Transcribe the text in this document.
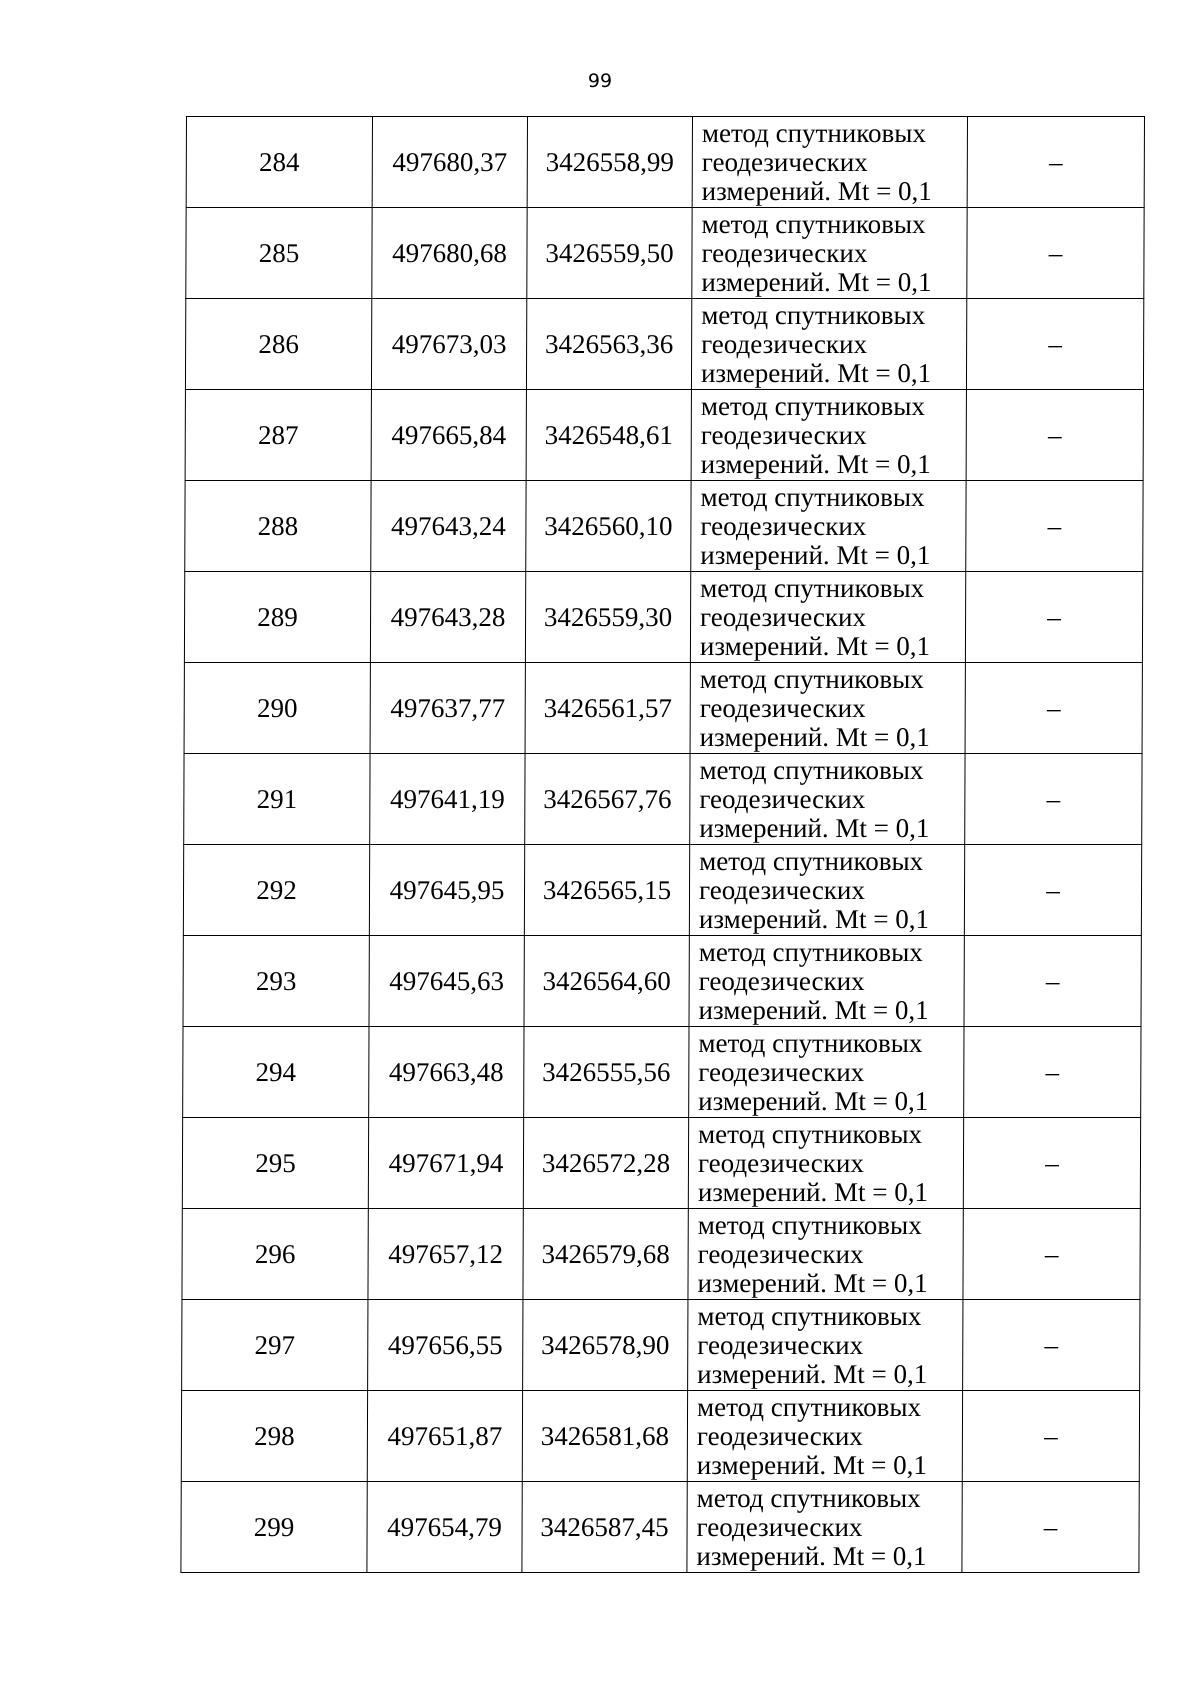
99
284	497680,37	3426558,99	метод спутниковых геодезических измерений. Mt = 0,1	–
285	497680,68	3426559,50	метод спутниковых геодезических измерений. Mt = 0,1	–
286	497673,03	3426563,36	метод спутниковых геодезических измерений. Mt = 0,1	–
287	497665,84	3426548,61	метод спутниковых геодезических измерений. Mt = 0,1	–
288	497643,24	3426560,10	метод спутниковых геодезических измерений. Mt = 0,1	–
289	497643,28	3426559,30	метод спутниковых геодезических измерений. Mt = 0,1	–
290	497637,77	3426561,57	метод спутниковых геодезических измерений. Mt = 0,1	–
291	497641,19	3426567,76	метод спутниковых геодезических измерений. Mt = 0,1	–
292	497645,95	3426565,15	метод спутниковых геодезических измерений. Mt = 0,1	–
293	497645,63	3426564,60	метод спутниковых геодезических измерений. Mt = 0,1	–
294	497663,48	3426555,56	метод спутниковых геодезических измерений. Mt = 0,1	–
295	497671,94	3426572,28	метод спутниковых геодезических измерений. Mt = 0,1	–
296	497657,12	3426579,68	метод спутниковых геодезических измерений. Mt = 0,1	–
297	497656,55	3426578,90	метод спутниковых геодезических измерений. Mt = 0,1	–
298	497651,87	3426581,68	метод спутниковых геодезических измерений. Mt = 0,1	–
299	497654,79	3426587,45	метод спутниковых геодезических измерений. Mt = 0,1	–
